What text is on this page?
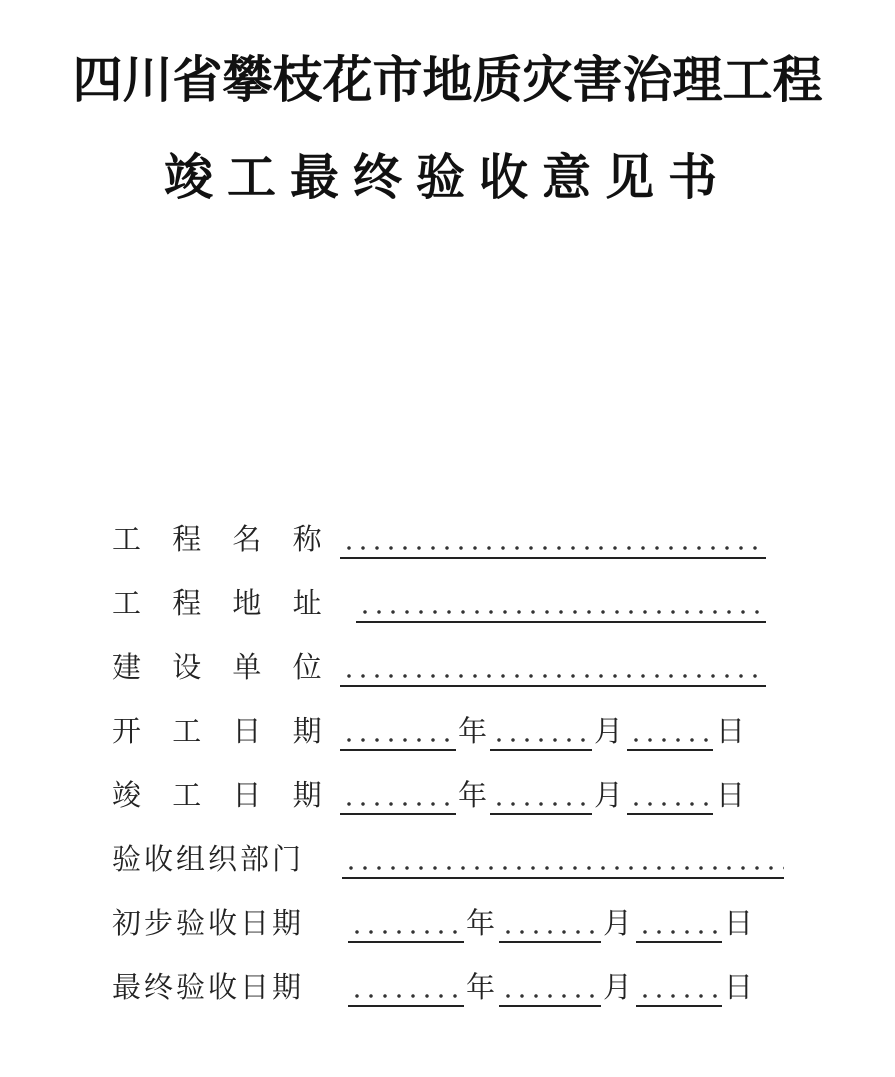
四川省攀枝花市地质灾害治理工程
竣工最终验收意见书
工 程 名 称
工 程 地 址
建 设 单 位
开 工 日 期	年	月	日
竣 工 日 期	年	月	日
验收组织部门
初步验收日期	年	月	日
最终验收日期	年	月	日
